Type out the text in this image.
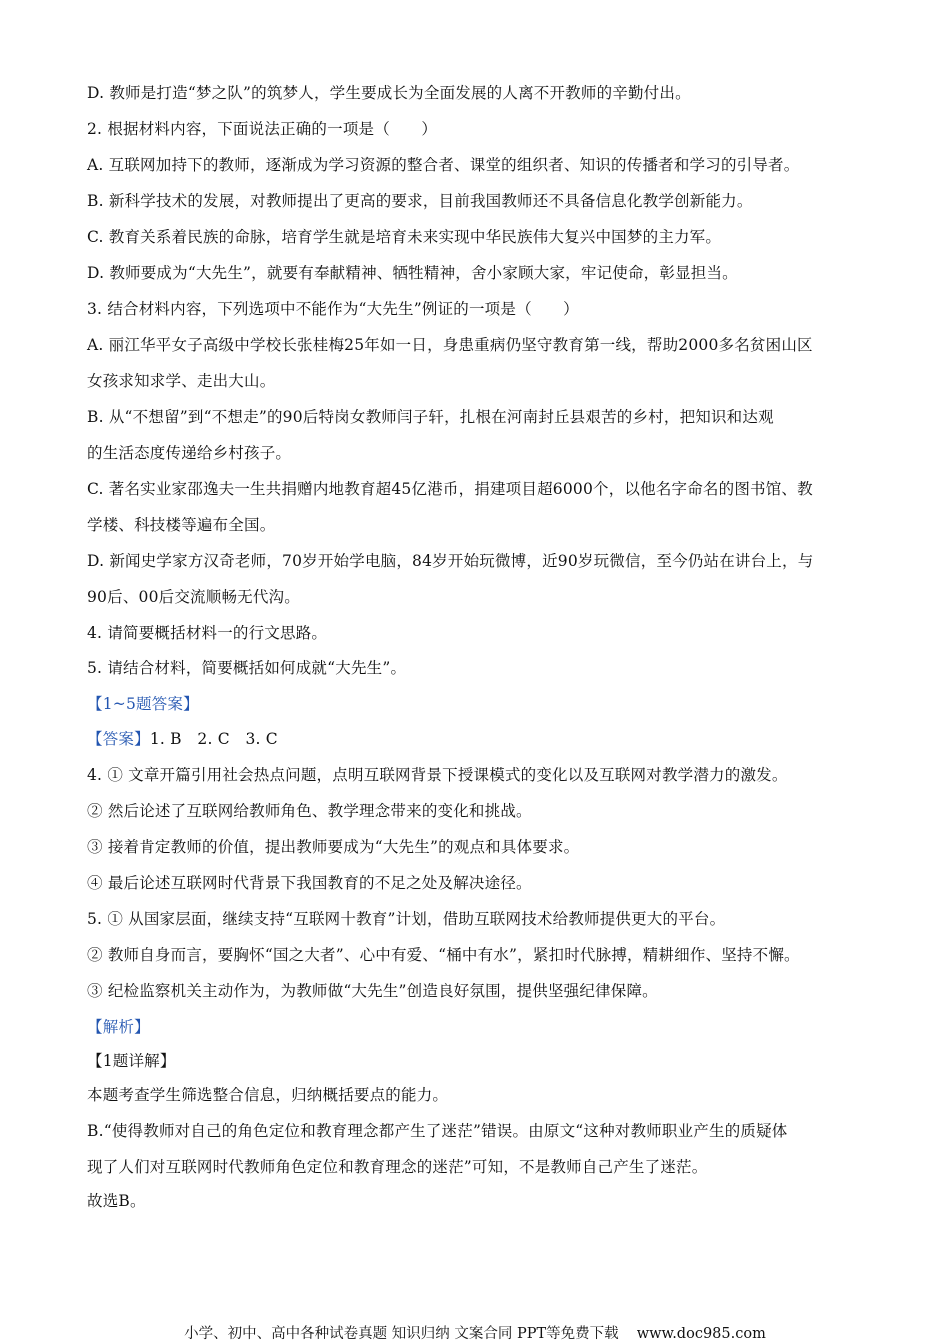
D. 教师是打造“梦之队”的筑梦人，学生要成长为全面发展的人离不开教师的辛勤付出。
2. 根据材料内容，下面说法正确的一项是（　　）
A. 互联网加持下的教师，逐渐成为学习资源的整合者、课堂的组织者、知识的传播者和学习的引导者。
B. 新科学技术的发展，对教师提出了更高的要求，目前我国教师还不具备信息化教学创新能力。
C. 教育关系着民族的命脉，培育学生就是培育未来实现中华民族伟大复兴中国梦的主力军。
D. 教师要成为“大先生”，就要有奉献精神、牺牲精神，舍小家顾大家，牢记使命，彰显担当。
3. 结合材料内容，下列选项中不能作为“大先生”例证的一项是（　　）
A. 丽江华平女子高级中学校长张桂梅25年如一日，身患重病仍坚守教育第一线，帮助2000多名贫困山区
女孩求知求学、走出大山。
B. 从“不想留”到“不想走”的90后特岗女教师闫子轩，扎根在河南封丘县艰苦的乡村，把知识和达观
的生活态度传递给乡村孩子。
C. 著名实业家邵逸夫一生共捐赠内地教育超45亿港币，捐建项目超6000个，以他名字命名的图书馆、教
学楼、科技楼等遍布全国。
D. 新闻史学家方汉奇老师，70岁开始学电脑，84岁开始玩微博，近90岁玩微信，至今仍站在讲台上，与
90后、00后交流顺畅无代沟。
4. 请简要概括材料一的行文思路。
5. 请结合材料，简要概括如何成就“大先生”。
【1~5题答案】
【答案】1. B　2. C　3. C
4. ① 文章开篇引用社会热点问题，点明互联网背景下授课模式的变化以及互联网对教学潜力的激发。
② 然后论述了互联网给教师角色、教学理念带来的变化和挑战。
③ 接着肯定教师的价值，提出教师要成为“大先生”的观点和具体要求。
④ 最后论述互联网时代背景下我国教育的不足之处及解决途径。
5. ① 从国家层面，继续支持“互联网十教育”计划，借助互联网技术给教师提供更大的平台。
② 教师自身而言，要胸怀“国之大者”、心中有爱、“桶中有水”，紧扣时代脉搏，精耕细作、坚持不懈。
③ 纪检监察机关主动作为，为教师做“大先生”创造良好氛围，提供坚强纪律保障。
【解析】
【1题详解】
本题考查学生筛选整合信息，归纳概括要点的能力。
B.“使得教师对自己的角色定位和教育理念都产生了迷茫”错误。由原文“这种对教师职业产生的质疑体
现了人们对互联网时代教师角色定位和教育理念的迷茫”可知，不是教师自己产生了迷茫。
故选B。
小学、初中、高中各种试卷真题 知识归纳 文案合同 PPT等免费下载 www.doc985.com
